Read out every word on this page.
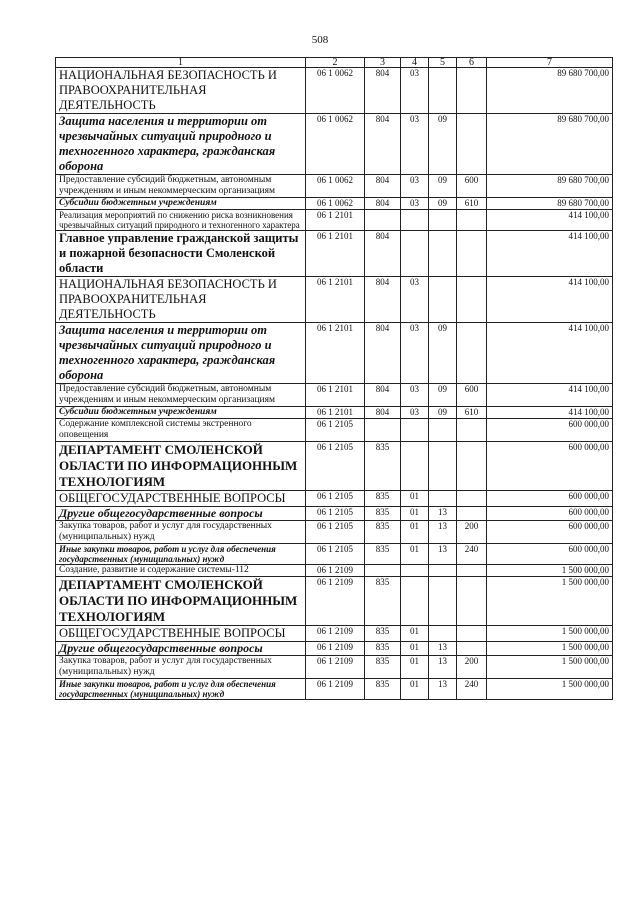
508
1	2	3	4	5	6	7
НАЦИОНАЛЬНАЯ БЕЗОПАСНОСТЬ И ПРАВООХРАНИТЕЛЬНАЯ ДЕЯТЕЛЬНОСТЬ	06 1 0062	804	03			89 680 700,00
Защита населения и территории от чрезвычайных ситуаций природного и техногенного характера, гражданская оборона	06 1 0062	804	03	09		89 680 700,00
Предоставление субсидий бюджетным, автономным учреждениям и иным некоммерческим организациям	06 1 0062	804	03	09	600	89 680 700,00
Субсидии бюджетным учреждениям	06 1 0062	804	03	09	610	89 680 700,00
Реализация мероприятий по снижению риска возникновения чрезвычайных ситуаций природного и техногенного характера	06 1 2101					414 100,00
Главное управление гражданской защиты и пожарной безопасности Смоленской области	06 1 2101	804				414 100,00
НАЦИОНАЛЬНАЯ БЕЗОПАСНОСТЬ И ПРАВООХРАНИТЕЛЬНАЯ ДЕЯТЕЛЬНОСТЬ	06 1 2101	804	03			414 100,00
Защита населения и территории от чрезвычайных ситуаций природного и техногенного характера, гражданская оборона	06 1 2101	804	03	09		414 100,00
Предоставление субсидий бюджетным, автономным учреждениям и иным некоммерческим организациям	06 1 2101	804	03	09	600	414 100,00
Субсидии бюджетным учреждениям	06 1 2101	804	03	09	610	414 100,00
Содержание комплексной системы экстренного оповещения	06 1 2105					600 000,00
ДЕПАРТАМЕНТ СМОЛЕНСКОЙ ОБЛАСТИ ПО ИНФОРМАЦИОННЫМ ТЕХНОЛОГИЯМ	06 1 2105	835				600 000,00
ОБЩЕГОСУДАРСТВЕННЫЕ ВОПРОСЫ	06 1 2105	835	01			600 000,00
Другие общегосударственные вопросы	06 1 2105	835	01	13		600 000,00
Закупка товаров, работ и услуг для государственных (муниципальных) нужд	06 1 2105	835	01	13	200	600 000,00
Иные закупки товаров, работ и услуг для обеспечения государственных (муниципальных) нужд	06 1 2105	835	01	13	240	600 000,00
Создание, развитие и содержание системы-112	06 1 2109					1 500 000,00
ДЕПАРТАМЕНТ СМОЛЕНСКОЙ ОБЛАСТИ ПО ИНФОРМАЦИОННЫМ ТЕХНОЛОГИЯМ	06 1 2109	835				1 500 000,00
ОБЩЕГОСУДАРСТВЕННЫЕ ВОПРОСЫ	06 1 2109	835	01			1 500 000,00
Другие общегосударственные вопросы	06 1 2109	835	01	13		1 500 000,00
Закупка товаров, работ и услуг для государственных (муниципальных) нужд	06 1 2109	835	01	13	200	1 500 000,00
Иные закупки товаров, работ и услуг для обеспечения государственных (муниципальных) нужд	06 1 2109	835	01	13	240	1 500 000,00
